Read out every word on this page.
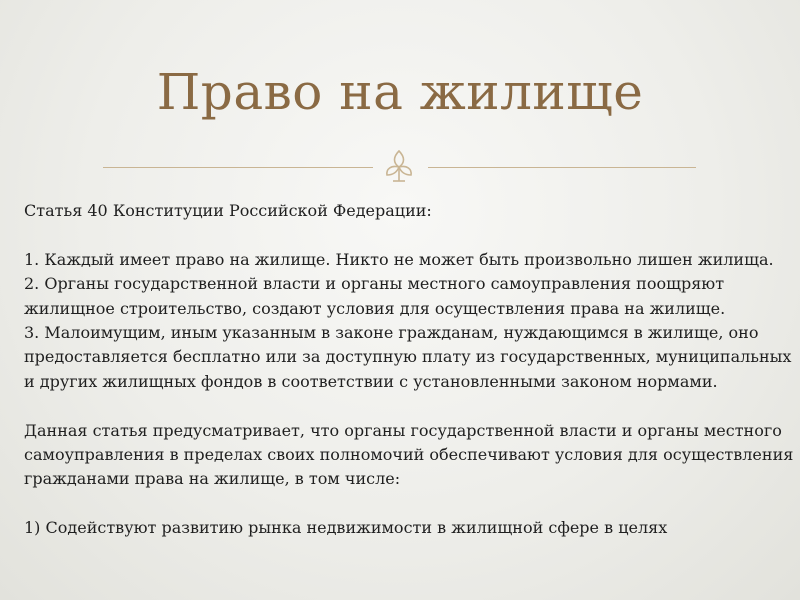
Право на жилище

Статья 40 Конституции Российской Федерации:

1. Каждый имеет право на жилище. Никто не может быть произвольно лишен жилища.

2. Органы государственной власти и органы местного самоуправления поощряют жилищное строительство, создают условия для осуществления права на жилище.

3. Малоимущим, иным указанным в законе гражданам, нуждающимся в жилище, оно предоставляется бесплатно или за доступную плату из государственных, муниципальных и других жилищных фондов в соответствии с установленными законом нормами.

Данная статья предусматривает, что органы государственной власти и органы местного самоуправления в пределах своих полномочий обеспечивают условия для осуществления гражданами права на жилище, в том числе:

1) Содействуют развитию рынка недвижимости в жилищной сфере в целях
